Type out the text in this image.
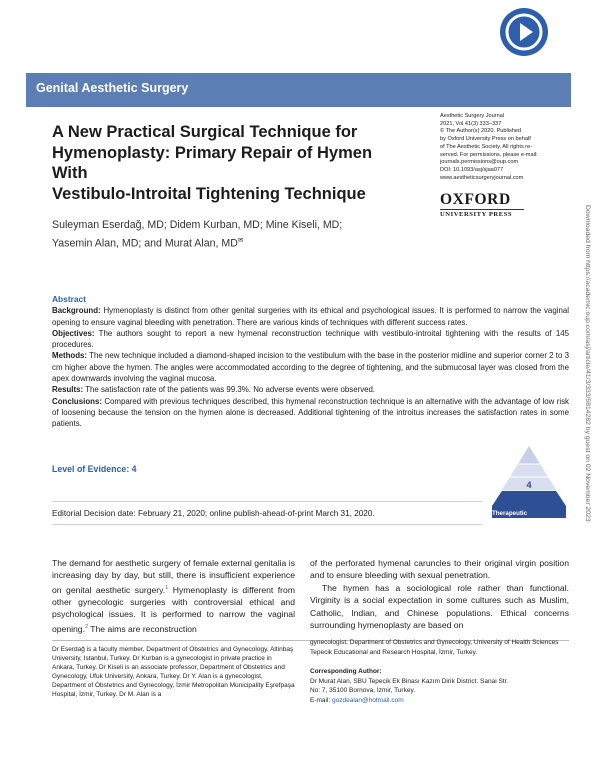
Genital Aesthetic Surgery
A New Practical Surgical Technique for
Hymenoplasty: Primary Repair of Hymen With
Vestibulo-Introital Tightening Technique
Aesthetic Surgery Journal
2021, Vol 41(3) 333–337
© The Author(s) 2020. Published
by Oxford University Press on behalf
of The Aesthetic Society. All rights re-
served. For permissions, please e-mail:
journals.permissions@oup.com
DOI: 10.1093/asj/sjaa077
www.aestheticsurgeryjournal.com
OXFORD
UNIVERSITY PRESS
Suleyman Eserdağ, MD; Didem Kurban, MD; Mine Kiseli, MD;
Yasemin Alan, MD; and Murat Alan, MD✉	Downloaded from https://academic.oup.com/asj/article/41/3/333/5814282 by guest on 02 November 2023
Abstract

Background: Hymenoplasty is distinct from other genital surgeries with its ethical and psychological issues. It is performed to narrow the vaginal opening to ensure vaginal bleeding with penetration. There are various kinds of techniques with different success rates.

Objectives: The authors sought to report a new hymenal reconstruction technique with vestibulo-introital tightening with the results of 145 procedures.

Methods: The new technique included a diamond-shaped incision to the vestibulum with the base in the posterior midline and superior corner 2 to 3 cm higher above the hymen. The angles were accommodated according to the degree of tightening, and the submucosal layer was closed from the apex downwards involving the vaginal mucosa.

Results: The satisfaction rate of the patients was 99.3%. No adverse events were observed.

Conclusions: Compared with previous techniques described, this hymenal reconstruction technique is an alternative with the advantage of low risk of loosening because the tension on the hymen alone is decreased. Additional tightening of the introitus increases the satisfaction rates in some patients.

Level of Evidence: 4
4
Therapeutic
Editorial Decision date: February 21, 2020; online publish-ahead-of-print March 31, 2020.
The demand for aesthetic surgery of female external genitalia is increasing day by day, but still, there is insufficient experience on genital aesthetic surgery.$^1$ Hymenoplasty is different from other gynecologic surgeries with controversial ethical and psychological issues. It is performed to narrow the vaginal opening.$^2$ The aims are reconstruction

of the perforated hymenal caruncles to their original virgin position and to ensure bleeding with sexual penetration.

The hymen has a sociological role rather than functional. Virginity is a social expectation in some cultures such as Muslim, Catholic, Indian, and Chinese populations. Ethical concerns surrounding hymenoplasty are based on

Dr Eserdağ is a faculty member, Department of Obstetrics and Gynecology, Altinbaş University, Istanbul, Turkey. Dr Kurban is a gynecologist in private practice in Ankara, Turkey. Dr Kiseli is an associate professor, Department of Obstetrics and Gynecology, Ufuk University, Ankara, Turkey. Dr Y. Alan is a gynecologist, Department of Obstetrics and Gynecology, İzmir Metropolitan Municipality Eşrefpaşa Hospital, İzmir, Turkey. Dr M. Alan is a
gynecologist, Department of Obstetrics and Gynecology, University of Health Sciences Tepecik Educational and Research Hospital, İzmir, Turkey.
Corresponding Author:
Dr Murat Alan, SBU Tepecik Ek Binası Kazım Dirik District. Sanai Str.
No: 7, 35100 Bornova, İzmir, Turkey.
E-mail: gozdealan@hotmail.com
